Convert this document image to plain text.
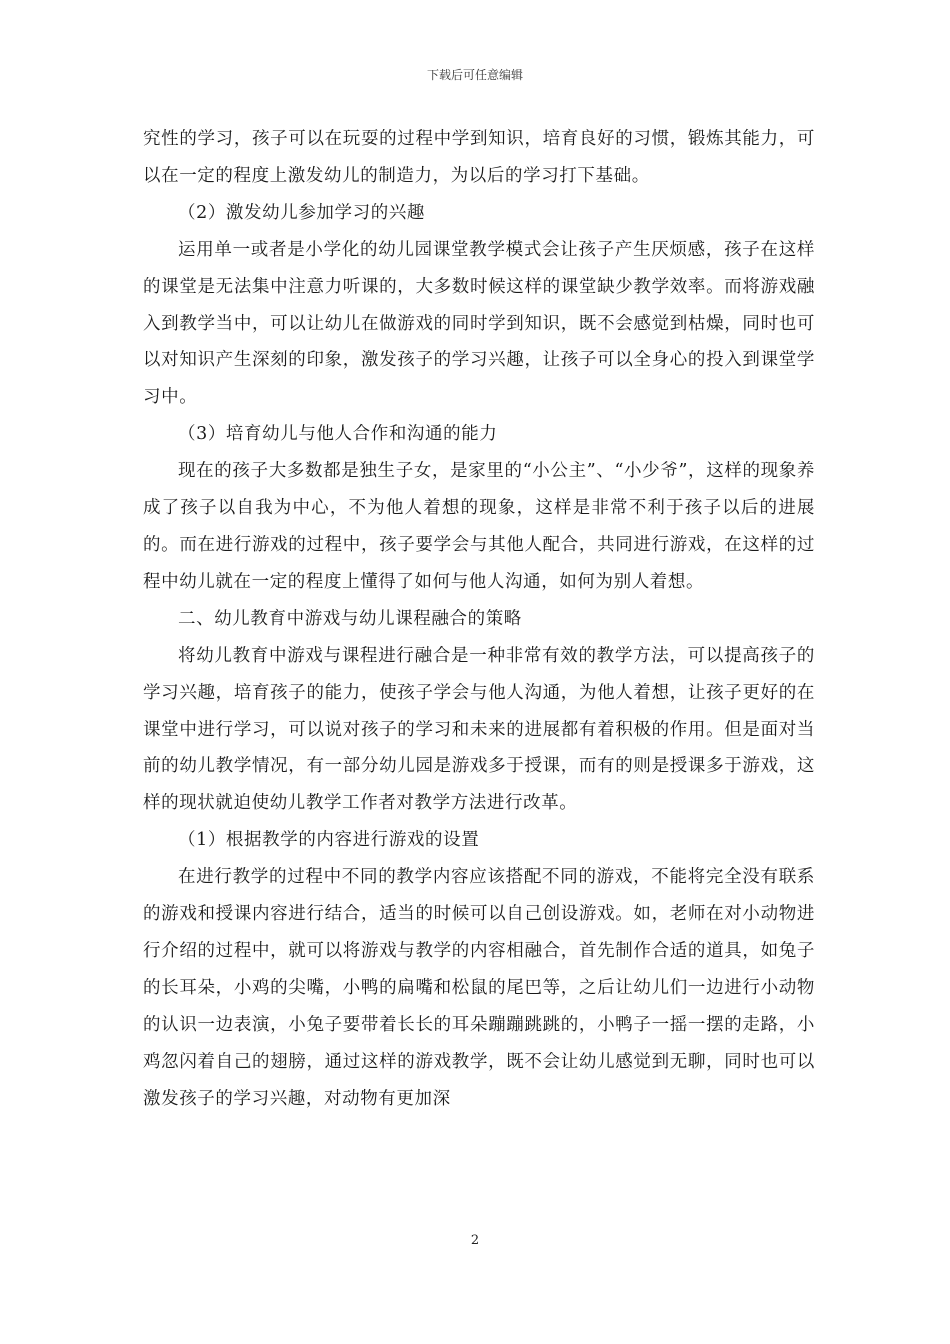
下载后可任意编辑

究性的学习，孩子可以在玩耍的过程中学到知识，培育良好的习惯，锻炼其能力，可以在一定的程度上激发幼儿的制造力，为以后的学习打下基础。

（2）激发幼儿参加学习的兴趣

运用单一或者是小学化的幼儿园课堂教学模式会让孩子产生厌烦感，孩子在这样的课堂是无法集中注意力听课的，大多数时候这样的课堂缺少教学效率。而将游戏融入到教学当中，可以让幼儿在做游戏的同时学到知识，既不会感觉到枯燥，同时也可以对知识产生深刻的印象，激发孩子的学习兴趣，让孩子可以全身心的投入到课堂学习中。

（3）培育幼儿与他人合作和沟通的能力

现在的孩子大多数都是独生子女，是家里的“小公主”、“小少爷”，这样的现象养成了孩子以自我为中心，不为他人着想的现象，这样是非常不利于孩子以后的进展的。而在进行游戏的过程中，孩子要学会与其他人配合，共同进行游戏，在这样的过程中幼儿就在一定的程度上懂得了如何与他人沟通，如何为别人着想。

二、幼儿教育中游戏与幼儿课程融合的策略

将幼儿教育中游戏与课程进行融合是一种非常有效的教学方法，可以提高孩子的学习兴趣，培育孩子的能力，使孩子学会与他人沟通，为他人着想，让孩子更好的在课堂中进行学习，可以说对孩子的学习和未来的进展都有着积极的作用。但是面对当前的幼儿教学情况，有一部分幼儿园是游戏多于授课，而有的则是授课多于游戏，这样的现状就迫使幼儿教学工作者对教学方法进行改革。

（1）根据教学的内容进行游戏的设置

在进行教学的过程中不同的教学内容应该搭配不同的游戏，不能将完全没有联系的游戏和授课内容进行结合，适当的时候可以自己创设游戏。如，老师在对小动物进行介绍的过程中，就可以将游戏与教学的内容相融合，首先制作合适的道具，如兔子的长耳朵，小鸡的尖嘴，小鸭的扁嘴和松鼠的尾巴等，之后让幼儿们一边进行小动物的认识一边表演，小兔子要带着长长的耳朵蹦蹦跳跳的，小鸭子一摇一摆的走路，小鸡忽闪着自己的翅膀，通过这样的游戏教学，既不会让幼儿感觉到无聊，同时也可以激发孩子的学习兴趣，对动物有更加深

2
